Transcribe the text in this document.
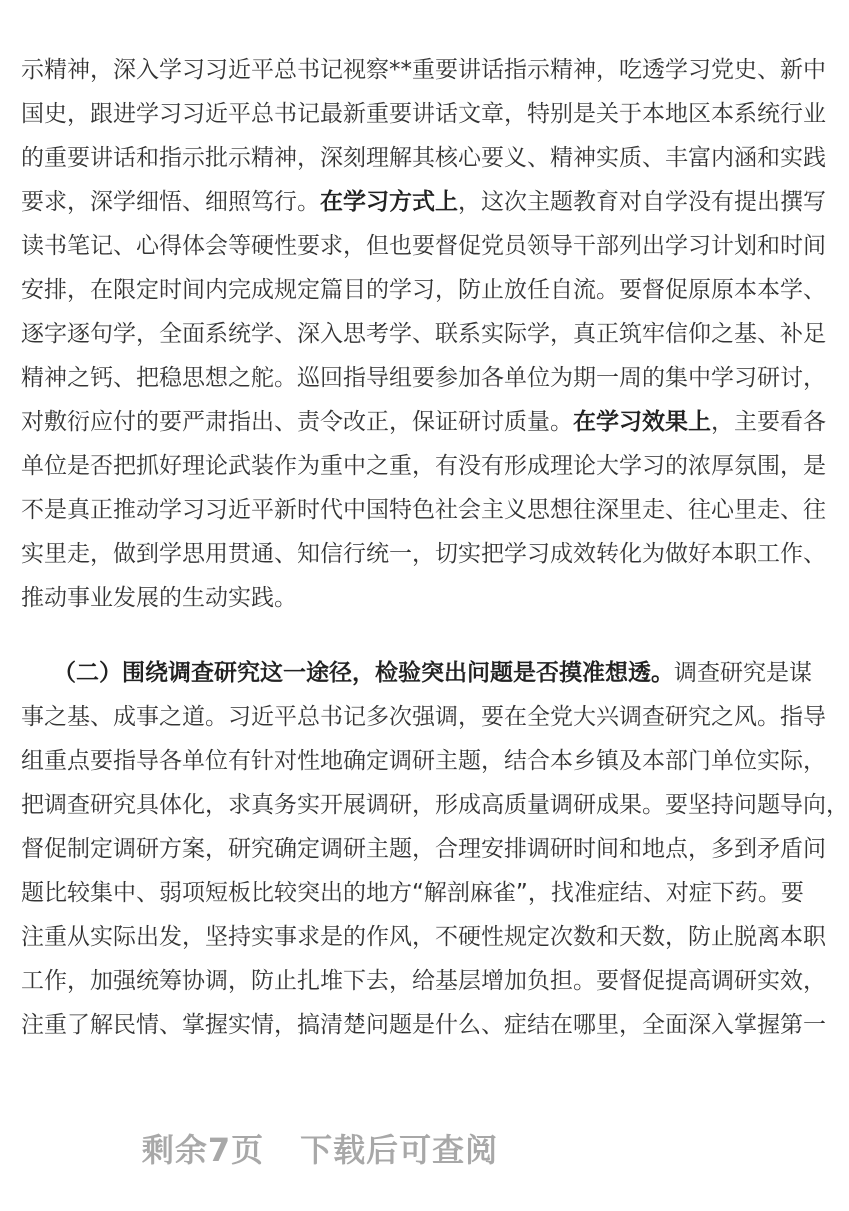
示精神，深入学习习近平总书记视察**重要讲话指示精神，吃透学习党史、新中
国史，跟进学习习近平总书记最新重要讲话文章，特别是关于本地区本系统行业
的重要讲话和指示批示精神，深刻理解其核心要义、精神实质、丰富内涵和实践
要求，深学细悟、细照笃行。在学习方式上，这次主题教育对自学没有提出撰写
读书笔记、心得体会等硬性要求，但也要督促党员领导干部列出学习计划和时间
安排，在限定时间内完成规定篇目的学习，防止放任自流。要督促原原本本学、
逐字逐句学，全面系统学、深入思考学、联系实际学，真正筑牢信仰之基、补足
精神之钙、把稳思想之舵。巡回指导组要参加各单位为期一周的集中学习研讨，
对敷衍应付的要严肃指出、责令改正，保证研讨质量。在学习效果上，主要看各
单位是否把抓好理论武装作为重中之重，有没有形成理论大学习的浓厚氛围，是
不是真正推动学习习近平新时代中国特色社会主义思想往深里走、往心里走、往
实里走，做到学思用贯通、知信行统一，切实把学习成效转化为做好本职工作、
推动事业发展的生动实践。
（二）围绕调查研究这一途径，检验突出问题是否摸准想透。调查研究是谋
事之基、成事之道。习近平总书记多次强调，要在全党大兴调查研究之风。指导
组重点要指导各单位有针对性地确定调研主题，结合本乡镇及本部门单位实际，
把调查研究具体化，求真务实开展调研，形成高质量调研成果。要坚持问题导向，
督促制定调研方案，研究确定调研主题，合理安排调研时间和地点，多到矛盾问
题比较集中、弱项短板比较突出的地方“解剖麻雀”，找准症结、对症下药。要
注重从实际出发，坚持实事求是的作风，不硬性规定次数和天数，防止脱离本职
工作，加强统筹协调，防止扎堆下去，给基层增加负担。要督促提高调研实效，
注重了解民情、掌握实情，搞清楚问题是什么、症结在哪里，全面深入掌握第一
剩余7页 下载后可查阅
